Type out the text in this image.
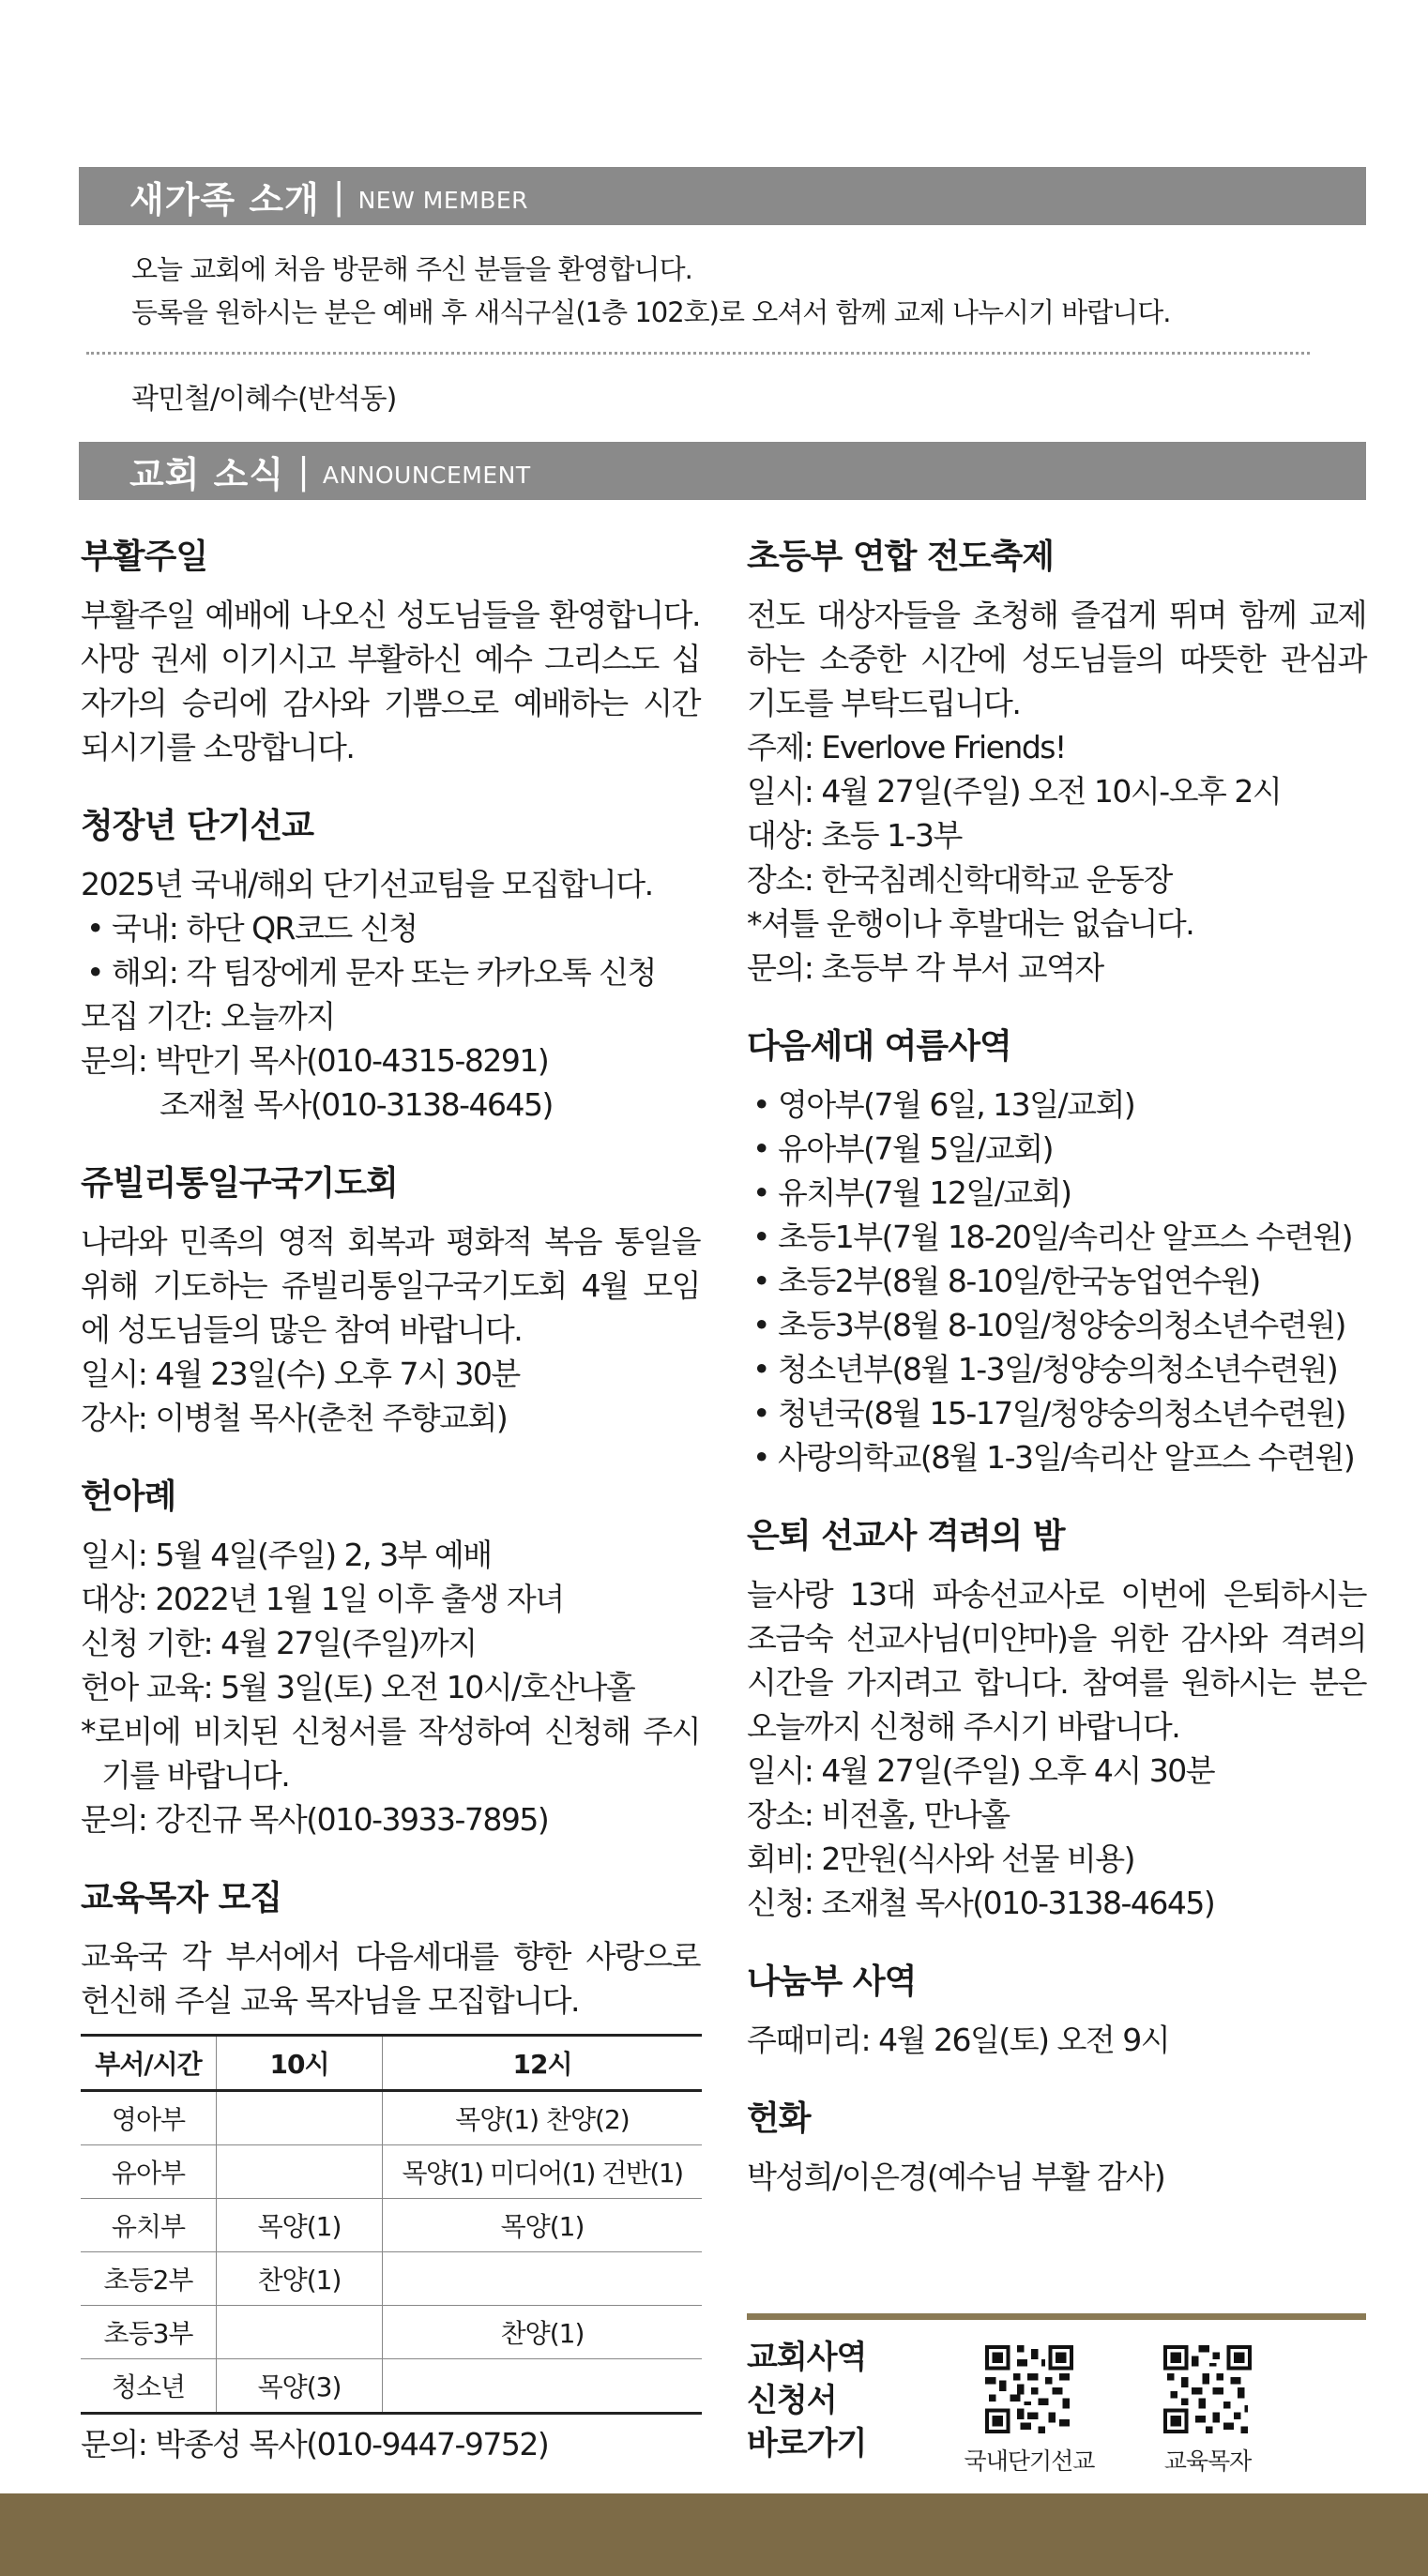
새가족 소개 | NEW MEMBER
오늘 교회에 처음 방문해 주신 분들을 환영합니다.
등록을 원하시는 분은 예배 후 새식구실(1층 102호)로 오셔서 함께 교제 나누시기 바랍니다.
곽민철/이혜수(반석동)
교회 소식 | ANNOUNCEMENT
부활주일

부활주일 예배에 나오신 성도님들을 환영합니다. 사망 권세 이기시고 부활하신 예수 그리스도 십자가의 승리에 감사와 기쁨으로 예배하는 시간 되시기를 소망합니다.

청장년 단기선교
2025년 국내/해외 단기선교팀을 모집합니다.
• 국내: 하단 QR코드 신청
• 해외: 각 팀장에게 문자 또는 카카오톡 신청
모집 기간: 오늘까지
문의: 박만기 목사(010-4315-8291)
조재철 목사(010-3138-4645)
쥬빌리통일구국기도회

나라와 민족의 영적 회복과 평화적 복음 통일을 위해 기도하는 쥬빌리통일구국기도회 4월 모임에 성도님들의 많은 참여 바랍니다.

일시: 4월 23일(수) 오후 7시 30분
강사: 이병철 목사(춘천 주향교회)
헌아례
일시: 5월 4일(주일) 2, 3부 예배
대상: 2022년 1월 1일 이후 출생 자녀
신청 기한: 4월 27일(주일)까지
헌아 교육: 5월 3일(토) 오전 10시/호산나홀

*로비에 비치된 신청서를 작성하여 신청해 주시기를 바랍니다.

문의: 강진규 목사(010-3933-7895)
교육목자 모집

교육국 각 부서에서 다음세대를 향한 사랑으로 헌신해 주실 교육 목자님을 모집합니다.

부서/시간	10시	12시
영아부		목양(1) 찬양(2)
유아부		목양(1) 미디어(1) 건반(1)
유치부	목양(1)	목양(1)
초등2부	찬양(1)	
초등3부		찬양(1)
청소년	목양(3)	
문의: 박종성 목사(010-9447-9752)
초등부 연합 전도축제

전도 대상자들을 초청해 즐겁게 뛰며 함께 교제하는 소중한 시간에 성도님들의 따뜻한 관심과 기도를 부탁드립니다.

주제: Everlove Friends!
일시: 4월 27일(주일) 오전 10시-오후 2시
대상: 초등 1-3부
장소: 한국침례신학대학교 운동장
*셔틀 운행이나 후발대는 없습니다.
문의: 초등부 각 부서 교역자
다음세대 여름사역
• 영아부(7월 6일, 13일/교회)
• 유아부(7월 5일/교회)
• 유치부(7월 12일/교회)
• 초등1부(7월 18-20일/속리산 알프스 수련원)
• 초등2부(8월 8-10일/한국농업연수원)
• 초등3부(8월 8-10일/청양숭의청소년수련원)
• 청소년부(8월 1-3일/청양숭의청소년수련원)
• 청년국(8월 15-17일/청양숭의청소년수련원)
• 사랑의학교(8월 1-3일/속리산 알프스 수련원)
은퇴 선교사 격려의 밤

늘사랑 13대 파송선교사로 이번에 은퇴하시는 조금숙 선교사님(미얀마)을 위한 감사와 격려의 시간을 가지려고 합니다. 참여를 원하시는 분은 오늘까지 신청해 주시기 바랍니다.

일시: 4월 27일(주일) 오후 4시 30분
장소: 비전홀, 만나홀
회비: 2만원(식사와 선물 비용)
신청: 조재철 목사(010-3138-4645)
나눔부 사역
주때미리: 4월 26일(토) 오전 9시
헌화
박성희/이은경(예수님 부활 감사)
교회사역
신청서
바로가기	국내단기선교	교육목자
